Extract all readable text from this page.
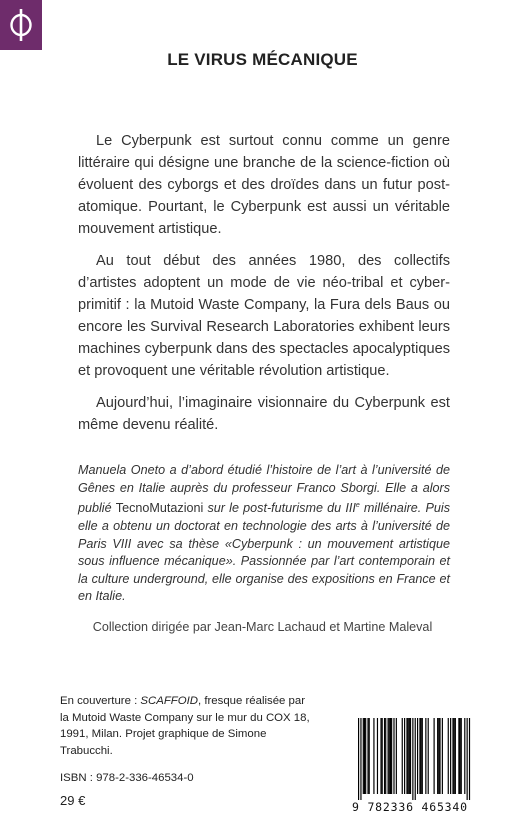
LE VIRUS MÉCANIQUE

Le Cyberpunk est surtout connu comme un genre littéraire qui désigne une branche de la science-fiction où évoluent des cyborgs et des droïdes dans un futur post-atomique. Pourtant, le Cyberpunk est aussi un véritable mouvement artistique.

Au tout début des années 1980, des collectifs d’artistes adoptent un mode de vie néo-tribal et cyber-primitif : la Mutoid Waste Company, la Fura dels Baus ou encore les Survival Research Laboratories exhibent leurs machines cyberpunk dans des spectacles apocalyptiques et provoquent une véritable révolution artistique.

Aujourd’hui, l’imaginaire visionnaire du Cyberpunk est même devenu réalité.

Manuela Oneto a d’abord étudié l’histoire de l’art à l’université de Gênes en Italie auprès du professeur Franco Sborgi. Elle a alors publié TecnoMutazioni sur le post-futurisme du IIIe millénaire. Puis elle a obtenu un doctorat en technologie des arts à l’université de Paris VIII avec sa thèse «Cyberpunk : un mouvement artistique sous influence mécanique». Passionnée par l’art contemporain et la culture underground, elle organise des expositions en France et en Italie.
Collection dirigée par Jean-Marc Lachaud et Martine Maleval
En couverture : SCAFFOID, fresque réalisée par la Mutoid Waste Company sur le mur du COX 18, 1991, Milan. Projet graphique de Simone Trabucchi.
ISBN : 978-2-336-46534-0
29 €	9 782336 465340
